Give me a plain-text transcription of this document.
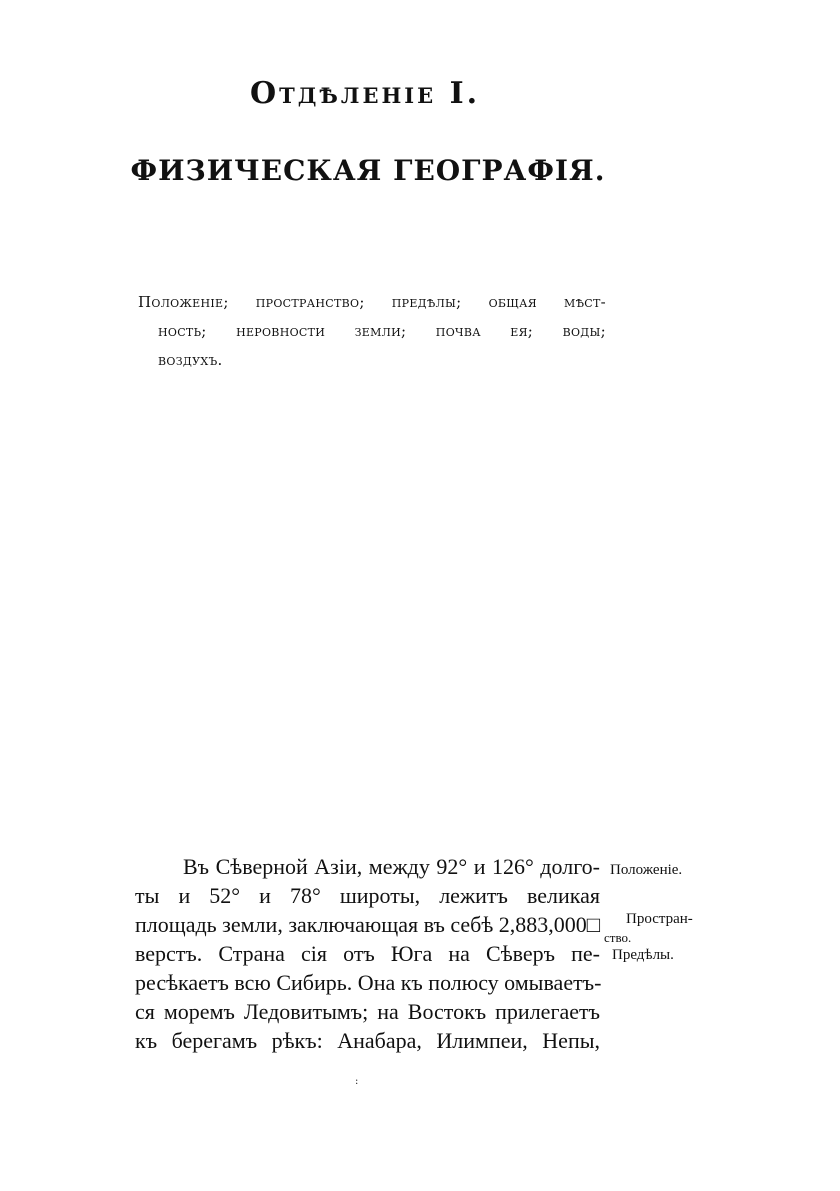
Отдѣленіе I.
ФИЗИЧЕСКАЯ ГЕОГРАФІЯ.
Положеніе; пространство; предѣлы; общая мѣст-
ность; неровности земли; почва ея; воды;
воздухъ.
Въ Сѣверной Азіи, между 92° и 126° долго-
ты и 52° и 78° широты, лежитъ великая
площадь земли, заключающая въ себѣ 2,883,000□
верстъ. Страна сія отъ Юга на Сѣверъ пе-
ресѣкаетъ всю Сибирь. Она къ полюсу омываетъ-
ся моремъ Ледовитымъ; на Востокъ прилегаетъ
къ берегамъ рѣкъ: Анабара, Илимпеи, Непы,
Положеніе.
Простран-
ство.
Предѣлы.
:
